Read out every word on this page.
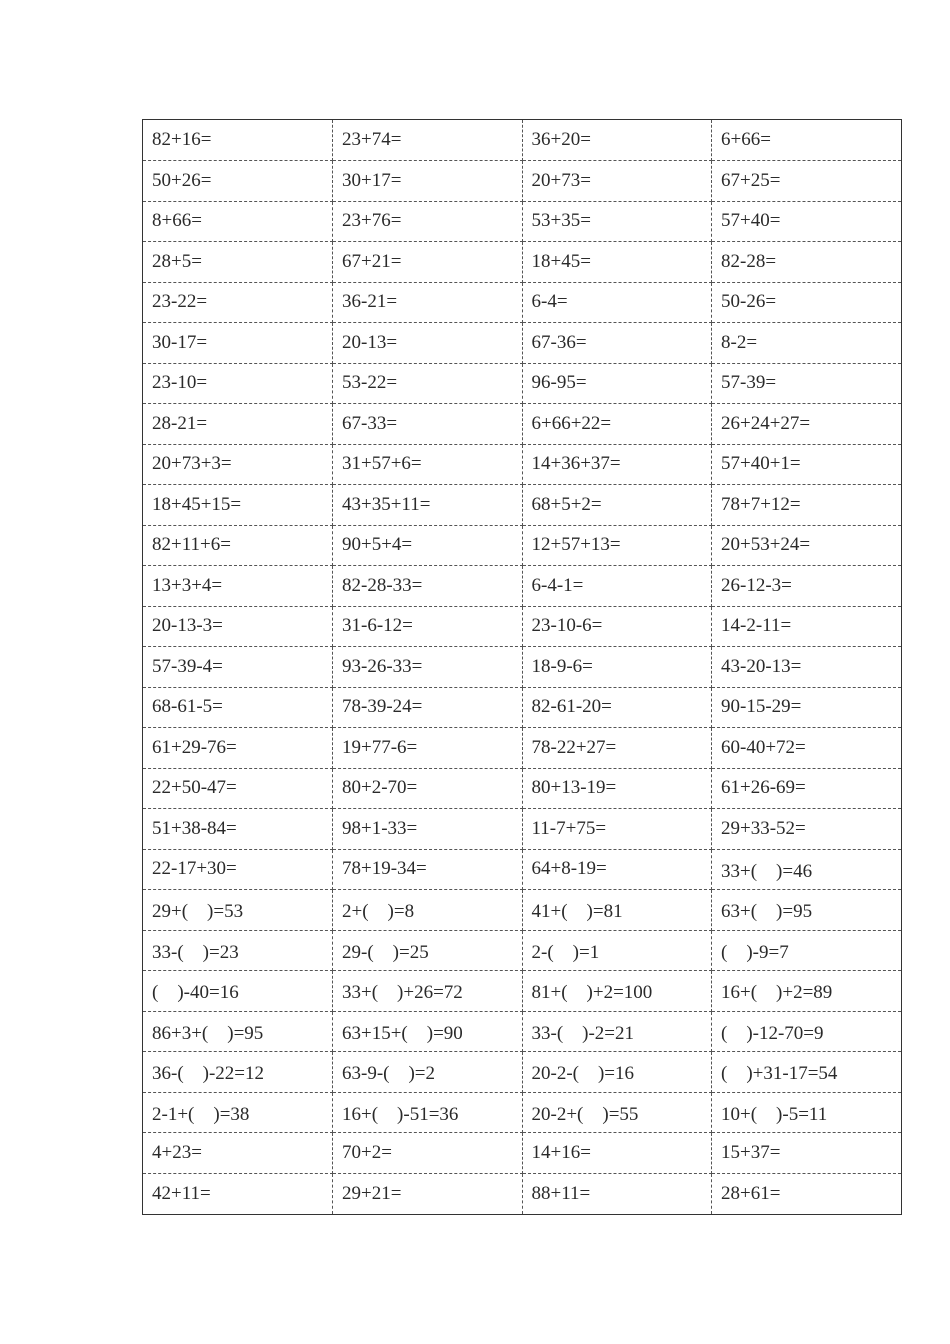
82+16=	23+74=	36+20=	6+66=
50+26=	30+17=	20+73=	67+25=
8+66=	23+76=	53+35=	57+40=
28+5=	67+21=	18+45=	82-28=
23-22=	36-21=	6-4=	50-26=
30-17=	20-13=	67-36=	8-2=
23-10=	53-22=	96-95=	57-39=
28-21=	67-33=	6+66+22=	26+24+27=
20+73+3=	31+57+6=	14+36+37=	57+40+1=
18+45+15=	43+35+11=	68+5+2=	78+7+12=
82+11+6=	90+5+4=	12+57+13=	20+53+24=
13+3+4=	82-28-33=	6-4-1=	26-12-3=
20-13-3=	31-6-12=	23-10-6=	14-2-11=
57-39-4=	93-26-33=	18-9-6=	43-20-13=
68-61-5=	78-39-24=	82-61-20=	90-15-29=
61+29-76=	19+77-6=	78-22+27=	60-40+72=
22+50-47=	80+2-70=	80+13-19=	61+26-69=
51+38-84=	98+1-33=	11-7+75=	29+33-52=
22-17+30=	78+19-34=	64+8-19=	33+(　)=46
29+(　)=53	2+(　)=8	41+(　)=81	63+(　)=95
33-(　)=23	29-(　)=25	2-(　)=1	(　)-9=7
(　)-40=16	33+(　)+26=72	81+(　)+2=100	16+(　)+2=89
86+3+(　)=95	63+15+(　)=90	33-(　)-2=21	(　)-12-70=9
36-(　)-22=12	63-9-(　)=2	20-2-(　)=16	(　)+31-17=54
2-1+(　)=38	16+(　)-51=36	20-2+(　)=55	10+(　)-5=11
4+23=	70+2=	14+16=	15+37=
42+11=	29+21=	88+11=	28+61=
